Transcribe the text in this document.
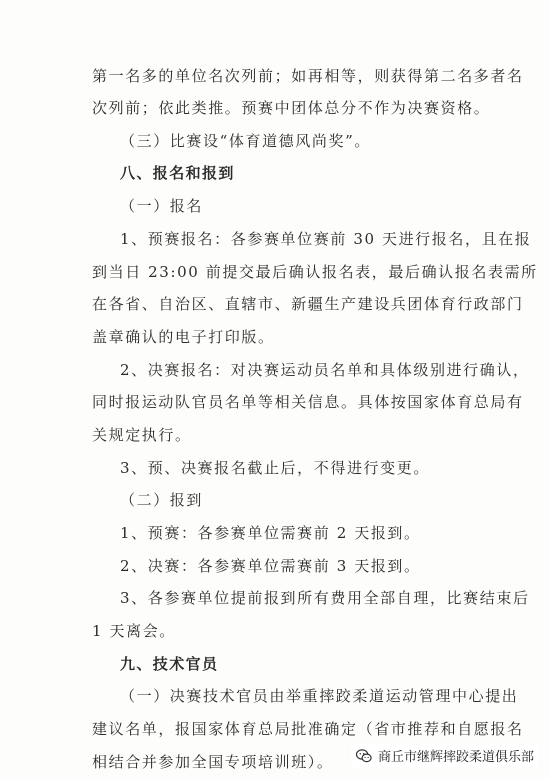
第一名多的单位名次列前；如再相等，则获得第二名多者名
次列前；依此类推。预赛中团体总分不作为决赛资格。
（三）比赛设“体育道德风尚奖”。
八、报名和报到
（一）报名
1、预赛报名：各参赛单位赛前 30 天进行报名，且在报
到当日 23:00 前提交最后确认报名表，最后确认报名表需所
在各省、自治区、直辖市、新疆生产建设兵团体育行政部门
盖章确认的电子打印版。
2、决赛报名：对决赛运动员名单和具体级别进行确认，
同时报运动队官员名单等相关信息。具体按国家体育总局有
关规定执行。
3、预、决赛报名截止后，不得进行变更。
（二）报到
1、预赛：各参赛单位需赛前 2 天报到。
2、决赛：各参赛单位需赛前 3 天报到。
3、各参赛单位提前报到所有费用全部自理，比赛结束后
1 天离会。
九、技术官员
（一）决赛技术官员由举重摔跤柔道运动管理中心提出
建议名单，报国家体育总局批准确定（省市推荐和自愿报名
相结合并参加全国专项培训班）。	商丘市继辉摔跤柔道俱乐部
